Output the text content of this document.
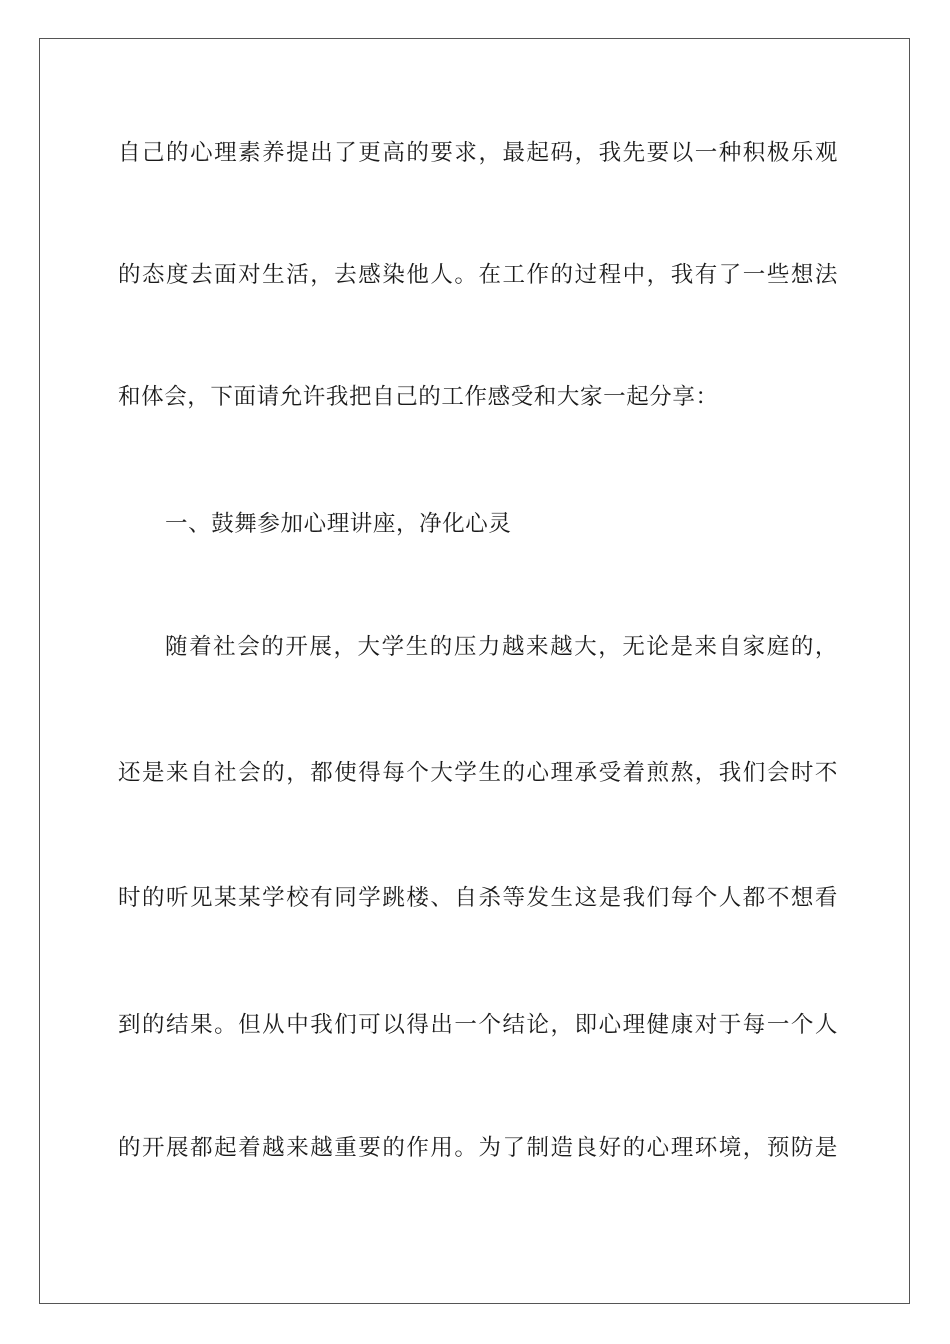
自己的心理素养提出了更高的要求，最起码，我先要以一种积极乐观
的态度去面对生活，去感染他人。在工作的过程中，我有了一些想法
和体会，下面请允许我把自己的工作感受和大家一起分享：
一、鼓舞参加心理讲座，净化心灵
随着社会的开展，大学生的压力越来越大，无论是来自家庭的，
还是来自社会的，都使得每个大学生的心理承受着煎熬，我们会时不
时的听见某某学校有同学跳楼、自杀等发生这是我们每个人都不想看
到的结果。但从中我们可以得出一个结论，即心理健康对于每一个人
的开展都起着越来越重要的作用。为了制造良好的心理环境，预防是
